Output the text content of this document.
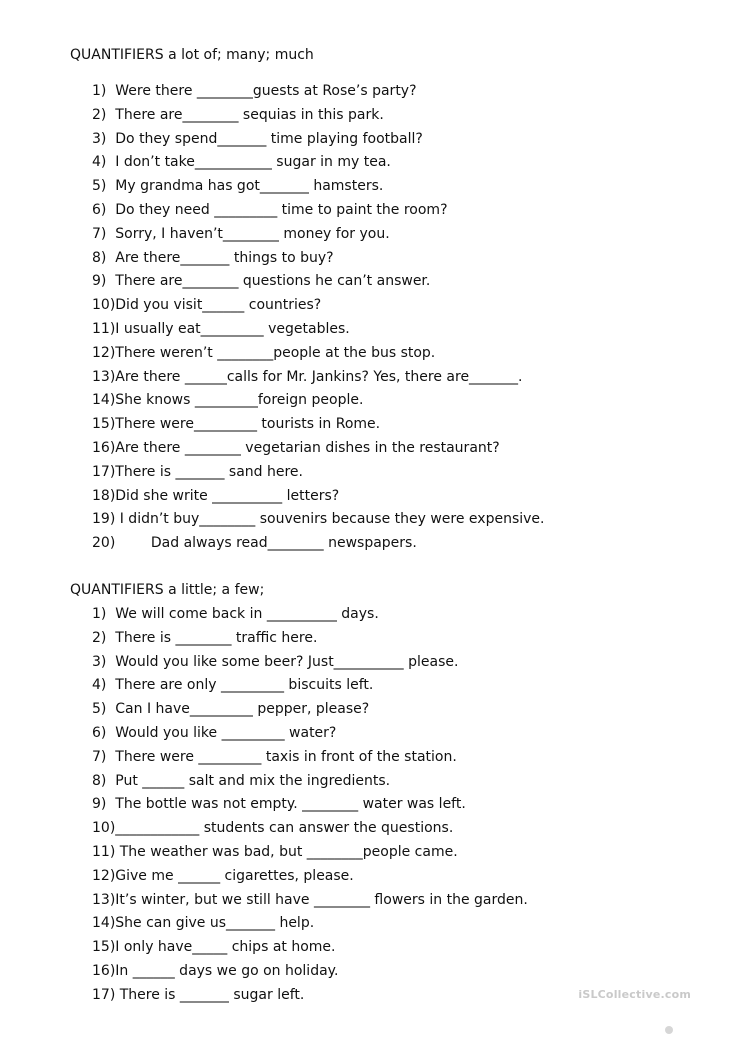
QUANTIFIERS a lot of; many; much
1)  Were there ________guests at Rose’s party?
2)  There are________ sequias in this park.
3)  Do they spend_______ time playing football?
4)  I don’t take___________ sugar in my tea.
5)  My grandma has got_______ hamsters.
6)  Do they need _________ time to paint the room?
7)  Sorry, I haven’t________ money for you.
8)  Are there_______ things to buy?
9)  There are________ questions he can’t answer.
10)Did you visit______ countries?
11)I usually eat_________ vegetables.
12)There weren’t ________people at the bus stop.
13)Are there ______calls for Mr. Jankins? Yes, there are_______.
14)She knows _________foreign people.
15)There were_________ tourists in Rome.
16)Are there ________ vegetarian dishes in the restaurant?
17)There is _______ sand here.
18)Did she write __________ letters?
19) I didn’t buy________ souvenirs because they were expensive.
20)        Dad always read________ newspapers.
QUANTIFIERS a little; a few;
1)  We will come back in __________ days.
2)  There is ________ traffic here.
3)  Would you like some beer? Just__________ please.
4)  There are only _________ biscuits left.
5)  Can I have_________ pepper, please?
6)  Would you like _________ water?
7)  There were _________ taxis in front of the station.
8)  Put ______ salt and mix the ingredients.
9)  The bottle was not empty. ________ water was left.
10)____________ students can answer the questions.
11) The weather was bad, but ________people came.
12)Give me ______ cigarettes, please.
13)It’s winter, but we still have ________ flowers in the garden.
14)She can give us_______ help.
15)I only have_____ chips at home.
16)In ______ days we go on holiday.
17) There is _______ sugar left.	iSLCollective.com
